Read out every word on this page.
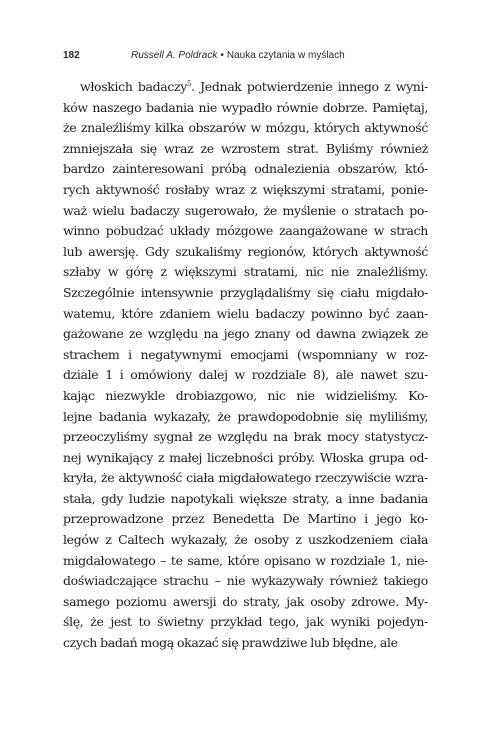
182	Russell A. Poldrack • Nauka czytania w myślach
włoskich badaczy$^5$. Jednak potwierdzenie innego z wyni-
ków naszego badania nie wypadło równie dobrze. Pamiętaj,
że znaleźliśmy kilka obszarów w mózgu, których aktywność
zmniejszała się wraz ze wzrostem strat. Byliśmy również
bardzo zainteresowani próbą odnalezienia obszarów, któ-
rych aktywność rosłaby wraz z większymi stratami, ponie-
waż wielu badaczy sugerowało, że myślenie o stratach po-
winno pobudzać układy mózgowe zaangażowane w strach
lub awersję. Gdy szukaliśmy regionów, których aktywność
szłaby w górę z większymi stratami, nic nie znaleźliśmy.
Szczególnie intensywnie przyglądaliśmy się ciału migdało-
watemu, które zdaniem wielu badaczy powinno być zaan-
gażowane ze względu na jego znany od dawna związek ze
strachem i negatywnymi emocjami (wspomniany w roz-
dziale 1 i omówiony dalej w rozdziale 8), ale nawet szu-
kając niezwykle drobiazgowo, nic nie widzieliśmy. Ko-
lejne badania wykazały, że prawdopodobnie się myliliśmy,
przeoczyliśmy sygnał ze względu na brak mocy statystycz-
nej wynikający z małej liczebności próby. Włoska grupa od-
kryła, że aktywność ciała migdałowatego rzeczywiście wzra-
stała, gdy ludzie napotykali większe straty, a inne badania
przeprowadzone przez Benedetta De Martino i jego ko-
legów z Caltech wykazały, że osoby z uszkodzeniem ciała
migdałowatego – te same, które opisano w rozdziale 1, nie-
doświadczające strachu – nie wykazywały również takiego
samego poziomu awersji do straty, jak osoby zdrowe. My-
ślę, że jest to świetny przykład tego, jak wyniki pojedyn-
czych badań mogą okazać się prawdziwe lub błędne, ale
